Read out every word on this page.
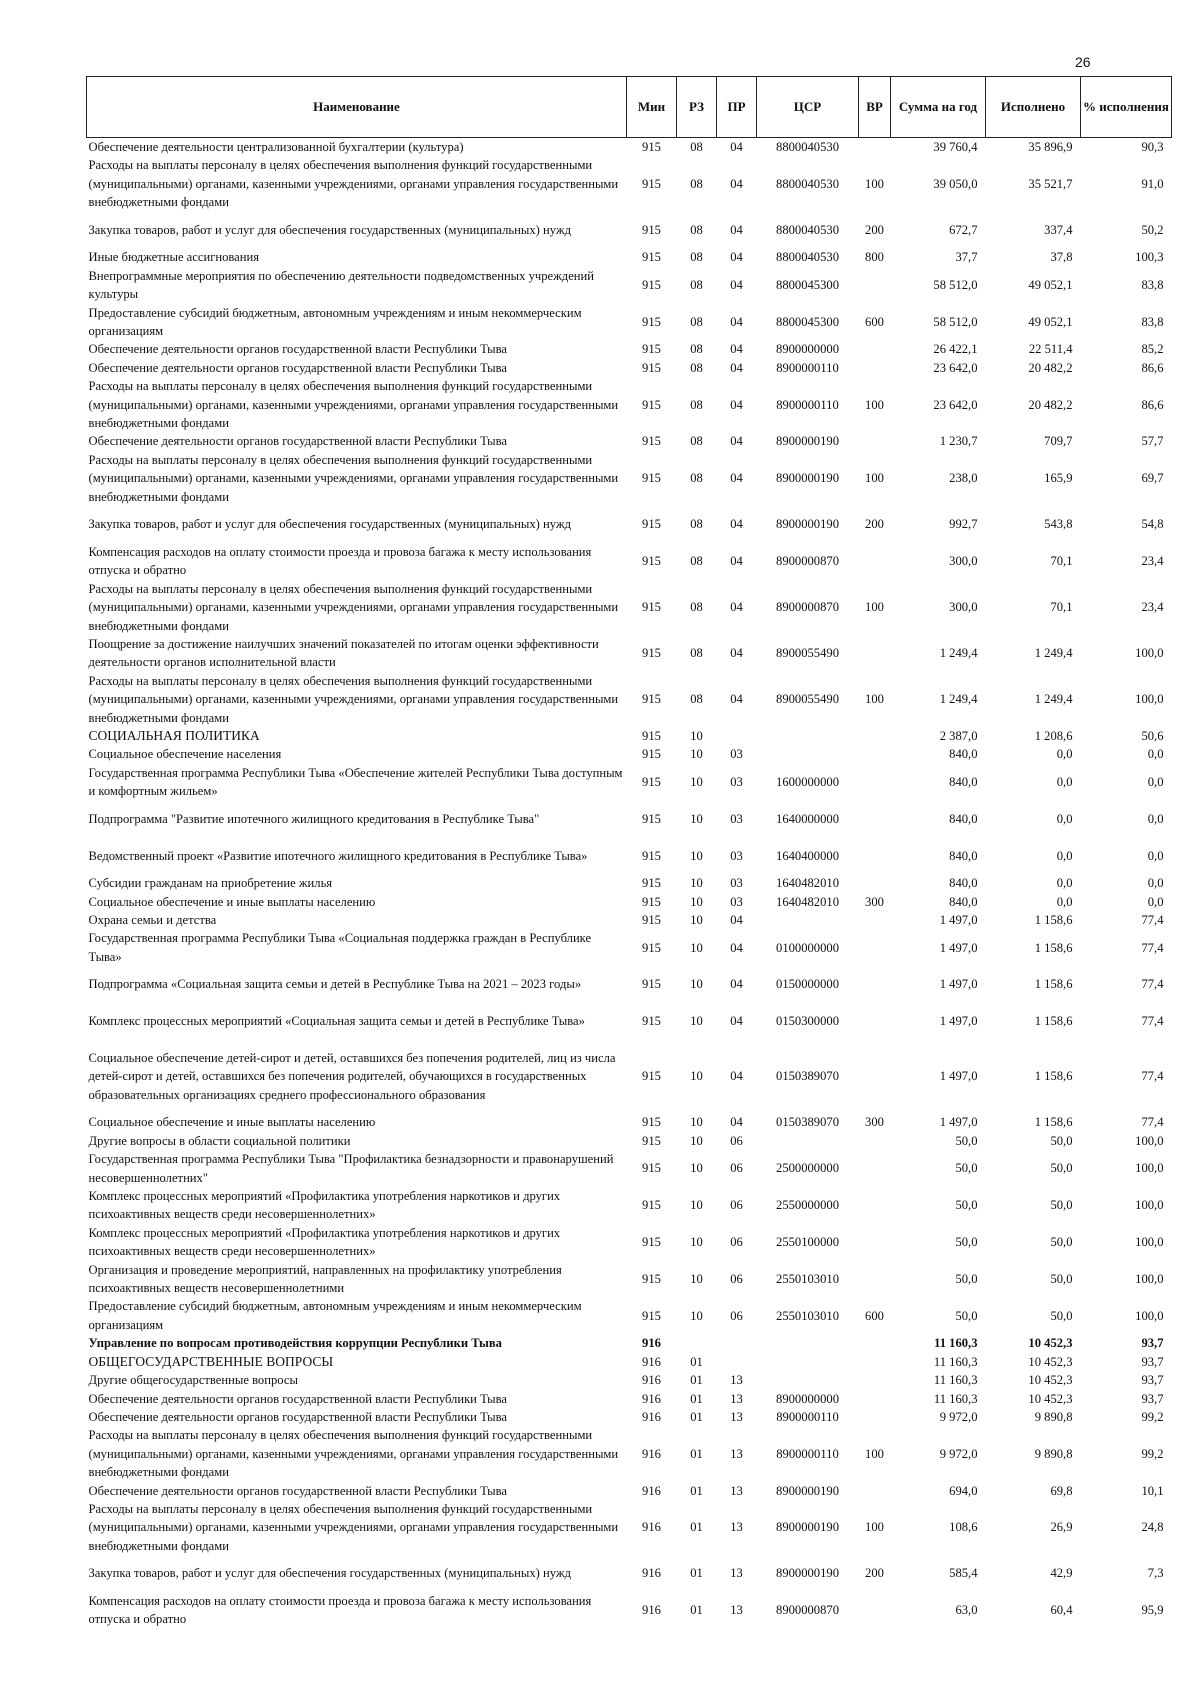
26
Наименование	Мин	РЗ	ПР	ЦСР	ВР	Сумма на год	Исполнено	% исполнения
Обеспечение деятельности централизованной бухгалтерии (культура)	915	08	04	8800040530		39 760,4	35 896,9	90,3
Расходы на выплаты персоналу в целях обеспечения выполнения функций государственными (муниципальными) органами, казенными учреждениями, органами управления государственными внебюджетными фондами	915	08	04	8800040530	100	39 050,0	35 521,7	91,0
Закупка товаров, работ и услуг для обеспечения государственных (муниципальных) нужд	915	08	04	8800040530	200	672,7	337,4	50,2
Иные бюджетные ассигнования	915	08	04	8800040530	800	37,7	37,8	100,3
Внепрограммные мероприятия по обеспечению деятельности подведомственных учреждений культуры	915	08	04	8800045300		58 512,0	49 052,1	83,8
Предоставление субсидий бюджетным, автономным учреждениям и иным некоммерческим организациям	915	08	04	8800045300	600	58 512,0	49 052,1	83,8
Обеспечение деятельности органов государственной власти Республики Тыва	915	08	04	8900000000		26 422,1	22 511,4	85,2
Обеспечение деятельности органов государственной власти Республики Тыва	915	08	04	8900000110		23 642,0	20 482,2	86,6
Расходы на выплаты персоналу в целях обеспечения выполнения функций государственными (муниципальными) органами, казенными учреждениями, органами управления государственными внебюджетными фондами	915	08	04	8900000110	100	23 642,0	20 482,2	86,6
Обеспечение деятельности органов государственной власти Республики Тыва	915	08	04	8900000190		1 230,7	709,7	57,7
Расходы на выплаты персоналу в целях обеспечения выполнения функций государственными (муниципальными) органами, казенными учреждениями, органами управления государственными внебюджетными фондами	915	08	04	8900000190	100	238,0	165,9	69,7
Закупка товаров, работ и услуг для обеспечения государственных (муниципальных) нужд	915	08	04	8900000190	200	992,7	543,8	54,8
Компенсация расходов на оплату стоимости проезда и провоза багажа к месту использования отпуска и обратно	915	08	04	8900000870		300,0	70,1	23,4
Расходы на выплаты персоналу в целях обеспечения выполнения функций государственными (муниципальными) органами, казенными учреждениями, органами управления государственными внебюджетными фондами	915	08	04	8900000870	100	300,0	70,1	23,4
Поощрение за достижение наилучших значений показателей по итогам оценки эффективности деятельности органов исполнительной власти	915	08	04	8900055490		1 249,4	1 249,4	100,0
Расходы на выплаты персоналу в целях обеспечения выполнения функций государственными (муниципальными) органами, казенными учреждениями, органами управления государственными внебюджетными фондами	915	08	04	8900055490	100	1 249,4	1 249,4	100,0
СОЦИАЛЬНАЯ ПОЛИТИКА	915	10				2 387,0	1 208,6	50,6
Социальное обеспечение населения	915	10	03			840,0	0,0	0,0
Государственная программа Республики Тыва «Обеспечение жителей Республики Тыва доступным и комфортным жильем»	915	10	03	1600000000		840,0	0,0	0,0
Подпрограмма "Развитие ипотечного жилищного кредитования в Республике Тыва"	915	10	03	1640000000		840,0	0,0	0,0
Ведомственный проект «Развитие ипотечного жилищного кредитования в Республике Тыва»	915	10	03	1640400000		840,0	0,0	0,0
Субсидии гражданам на приобретение жилья	915	10	03	1640482010		840,0	0,0	0,0
Социальное обеспечение и иные выплаты населению	915	10	03	1640482010	300	840,0	0,0	0,0
Охрана семьи и детства	915	10	04			1 497,0	1 158,6	77,4
Государственная программа Республики Тыва «Социальная поддержка граждан в Республике Тыва»	915	10	04	0100000000		1 497,0	1 158,6	77,4
Подпрограмма «Социальная защита семьи и детей в Республике Тыва на 2021 – 2023 годы»	915	10	04	0150000000		1 497,0	1 158,6	77,4
Комплекс процессных мероприятий «Социальная защита семьи и детей в Республике Тыва»	915	10	04	0150300000		1 497,0	1 158,6	77,4
Социальное обеспечение детей-сирот и детей, оставшихся без попечения родителей, лиц из числа детей-сирот и детей, оставшихся без попечения родителей, обучающихся в государственных образовательных организациях среднего профессионального образования	915	10	04	0150389070		1 497,0	1 158,6	77,4
Социальное обеспечение и иные выплаты населению	915	10	04	0150389070	300	1 497,0	1 158,6	77,4
Другие вопросы в области социальной политики	915	10	06			50,0	50,0	100,0
Государственная программа Республики Тыва "Профилактика безнадзорности и правонарушений несовершеннолетних"	915	10	06	2500000000		50,0	50,0	100,0
Комплекс процессных мероприятий «Профилактика употребления наркотиков и других психоактивных веществ среди несовершеннолетних»	915	10	06	2550000000		50,0	50,0	100,0
Комплекс процессных мероприятий «Профилактика употребления наркотиков и других психоактивных веществ среди несовершеннолетних»	915	10	06	2550100000		50,0	50,0	100,0
Организация и проведение мероприятий, направленных на профилактику употребления психоактивных веществ несовершеннолетними	915	10	06	2550103010		50,0	50,0	100,0
Предоставление субсидий бюджетным, автономным учреждениям и иным некоммерческим организациям	915	10	06	2550103010	600	50,0	50,0	100,0
Управление по вопросам противодействия коррупции Республики Тыва	916					11 160,3	10 452,3	93,7
ОБЩЕГОСУДАРСТВЕННЫЕ ВОПРОСЫ	916	01				11 160,3	10 452,3	93,7
Другие общегосударственные вопросы	916	01	13			11 160,3	10 452,3	93,7
Обеспечение деятельности органов государственной власти Республики Тыва	916	01	13	8900000000		11 160,3	10 452,3	93,7
Обеспечение деятельности органов государственной власти Республики Тыва	916	01	13	8900000110		9 972,0	9 890,8	99,2
Расходы на выплаты персоналу в целях обеспечения выполнения функций государственными (муниципальными) органами, казенными учреждениями, органами управления государственными внебюджетными фондами	916	01	13	8900000110	100	9 972,0	9 890,8	99,2
Обеспечение деятельности органов государственной власти Республики Тыва	916	01	13	8900000190		694,0	69,8	10,1
Расходы на выплаты персоналу в целях обеспечения выполнения функций государственными (муниципальными) органами, казенными учреждениями, органами управления государственными внебюджетными фондами	916	01	13	8900000190	100	108,6	26,9	24,8
Закупка товаров, работ и услуг для обеспечения государственных (муниципальных) нужд	916	01	13	8900000190	200	585,4	42,9	7,3
Компенсация расходов на оплату стоимости проезда и провоза багажа к месту использования отпуска и обратно	916	01	13	8900000870		63,0	60,4	95,9
